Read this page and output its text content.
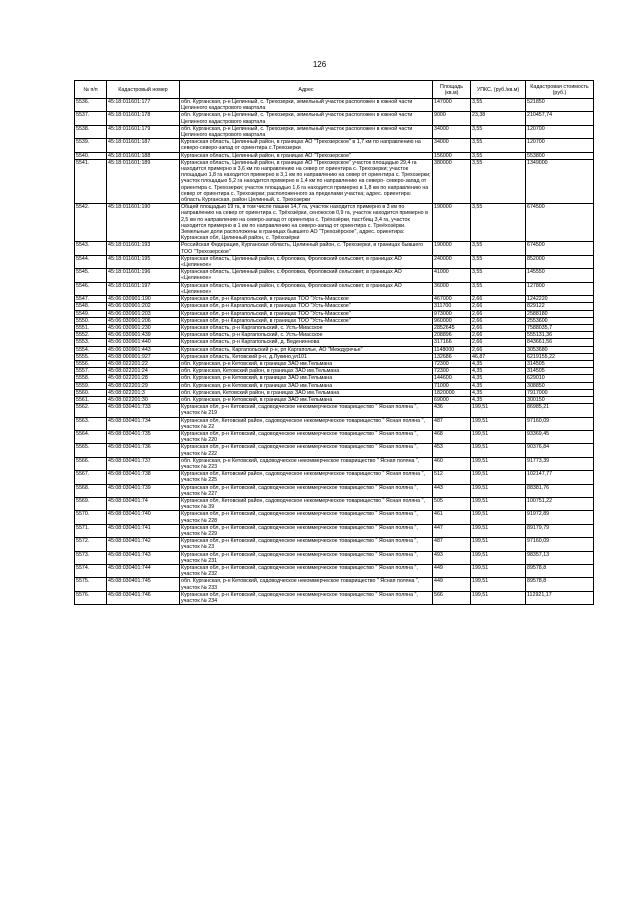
126
№ п/п	Кадастровый номер	Адрес	Площадь (кв.м)	УПКС. (руб./кв.м)	Кадастровая стоимость (руб.)
5536.	45:18:011601:177	обл. Курганская, р-н Целинный, с. Трехозерки, земельный участок расположен в южной части Целинного кадастрового квартала	147000	3,55	521850
5537.	45:18:011601:178	обл. Курганская, р-н Целинный, с. Трехозерки, земельный участок расположен в южной части Целинного кадастрового квартала	9000	23,38	210457,74
5538.	45:18:011601:179	обл. Курганская, р-н Целинный, с. Трехозерки, земельный участок расположен в южной части Целинного кадастрового квартала	34000	3,55	120700
5539.	45:18:011601:187	Курганская область, Целинный район, в границах АО "Трехозерское" в 1,7 км по направлению на северо-северо-запад от ориентира с.Трехозерки	34000	3,55	120700
5540.	45:18:011601:188	Курганская область, Целинный район, в границах АО "Трехозерское"	156000	3,55	553800
5541.	45:18:011601:189	Курганская область, Целинный район, в границах АО "Трехозерское" участок площадью 29,4 га находится примерно в 3,6 км по направлению на север от ориентира с. Трехозерки; участок площадью 1,8 га находится примерно в 3,1 км по направлению на север от ориентира с. Трехозерки; участок площадью 5,2 га находится примерно в 1,4 км по направлению на северо- северо-запад от ориентира с. Трехозерки; участок площадью 1,6 га находится примерно в 1,8 км по направлению на север от ориентира с. Трехозерки; расположенного за пределами участка; адрес. ориентира: область Курганская, район Целинный, с. Трехозерки	380000	3,55	1349000
5542.	45:18:011601:190	Общей площадью 19 га, в том числе пашни 14,7 га, участок находится примерно в 3 км по направлению на север от ориентира с. Трёхозёрки, сенокосов 0,9 га, участок находится примерно в 2,5 км по направлению на северо-запад от ориентира с. Трёхозёрки, пастбищ 3,4 га, участок находится примерно в 1 км по направлению на северо-запад от ориентира с. Треёхозёрки. Земельные доли расположены в границах бывшего АО "Трехозёрское", адрес. ориентира: Курганская обл, Целинный район, с. Трёхозёрки	190000	3,55	674500
5543.	45:18:011601:193	Российская Федерация, Курганская область, Целинный район, с. Трехозерки, в границах бывшего ТОО "Трехозерское"	190000	3,55	674500
5544.	45:18:011601:195	Курганская область, Целинный район, с.Фроловка, Фроловский сельсовет, в границах АО «Целинное»	240000	3,55	852000
5545.	45:18:011601:196	Курганская область, Целинный район, с.Фроловка, Фроловский сельсовет, в границах АО «Целинное»	41000	3,55	145550
5546.	45:18:011601:197	Курганская область, Целинный район, с.Фроловка, Фроловский сельсовет, в границах АО «Целинное»	36000	3,55	127800
5547.	45:06:030901:190	Курганская обл, р-н Каргапольский, в границах ТОО "Усть-Миасское	467000	2,66	1242220
5548.	45:06:030901:202	Курганская обл, р-н Каргапольский, в границах ТОО "Усть-Миасское"	311700	2,66	829122
5549.	45:06:030901:203	Курганская обл, р-н Каргапольский, в границах ТОО "Усть-Миасское"	973000	2,66	2588180
5550.	45:06:030901:206	Курганская обл, р-н Каргапольский, в границах ТОО "Усть-Миасское"	960000	2,66	2553600
5551.	45:06:030901:230	Курганская область, р-н Каргапольский, с. Усть-Миасское	2852645	2,66	7588035,7
5552.	45:06:030901:439	Курганская область, р-н Каргапольский, с. Усть-Миасское	208896	2,66	555131,36
5553.	45:06:030901:440	Курганская область, р-н Каргапольский, д. Ведениннова	317166	2,66	843661,56
5554.	45:06:030901:443	Курганская область, Каргапольский р-н, рп Каргаполье, АО "Междуречье"	1148000	2,66	3053680
5555.	45:08:000901:927	Курганская область, Кетовский р-н, д.Лукино,ул101	132686	46,87	6219155,22
5556.	45:08:022201:22	обл. Курганская, р-н Кетовский, в границах ЗАО им.Тельмана	72300	4,35	314505
5557.	45:08:022201:24	обл. Курганская, Кетовский район, в границах ЗАО им.Тельмана	72300	4,35	314505
5558.	45:08:022201:28	обл. Курганская, р-н Кетовский, в границах ЗАО им.Тельмана	144600	4,35	629010
5559.	45:08:022201:29	обл. Курганская, р-н Кетовский, в границах ЗАО им.Тельмана	71000	4,35	308850
5560.	45:08:022201:3	обл. Курганская, Кетовский район, в границах ЗАО им.Тельмана	1820000	4,35	7917000
5561.	45:08:022201:30	обл. Курганская, р-н Кетовский, в границах ЗАО им.Тельмана	69000	4,35	300150
5562.	45:08:030401:733	Курганская обл, р-н Кетовский, садоводческое некоммерческое товарищество " Ясная поляна ", участок № 219	436	199,51	86985,21
5563.	45:08:030401:734	Курганская обл, Кетовский район, садоводческое некоммерческое товарищество " Ясная поляна ", участок № 22	487	199,51	97160,09
5564.	45:08:030401:735	Курганская обл, р-н Кетовский, садоводческое некоммерческое товарищество " Ясная поляна ", участок № 220	468	199,51	93369,45
5565.	45:08:030401:736	Курганская обл, р-н Кетовский, садоводческое некоммерческое товарищество " Ясная поляна ", участок № 222	453	199,51	90376,84
5566.	45:08:030401:737	обл. Курганская, р-н Кетовский, садоводческое некоммерческое товарищество " Ясная поляна ", участок № 223	460	199,51	91773,39
5567.	45:08:030401:738	Курганская обл, Кетовский район, садоводческое некоммерческое товарищество " Ясная поляна ", участок № 225	512	199,51	102147,77
5568.	45:08:030401:739	Курганская обл, р-н Кетовский, садоводческое некоммерческое товарищество " Ясная поляна ", участок № 227	443	199,51	88381,76
5569.	45:08:030401:74	Курганская обл, Кетовский район, садоводческое некоммерческое товарищество " Ясная поляна ", участок № 39	505	199,51	100751,22
5570.	45:08:030401:740	Курганская обл, р-н Кетовский, садоводческое некоммерческое товарищество " Ясная поляна ", участок № 228	461	199,51	91972,89
5571.	45:08:030401:741	Курганская обл, р-н Кетовский, садоводческое некоммерческое товарищество " Ясная поляна ", участок № 229	447	199,51	89179,79
5572.	45:08:030401:742	Курганская обл, р-н Кетовский, садоводческое некоммерческое товарищество " Ясная поляна ", участок № 23	487	199,51	97160,09
5573.	45:08:030401:743	Курганская обл, р-н Кетовский, садоводческое некоммерческое товарищество " Ясная поляна ", участок № 231	493	199,51	98357,13
5574.	45:08:030401:744	Курганская обл, р-н Кетовский, садоводческое некоммерческое товарищество " Ясная поляна ", участок № 232	449	199,51	89578,8
5575.	45:08:030401:745	обл. Курганская, р-н Кетовский, садоводческое некоммерческое товарищество " Ясная поляна ", участок № 233	449	199,51	89578,8
5576.	45:08:030401:746	Курганская обл, р-н Кетовский, садоводческое некоммерческое товарищество " Ясная поляна ", участок № 234	566	199,51	112921,17
